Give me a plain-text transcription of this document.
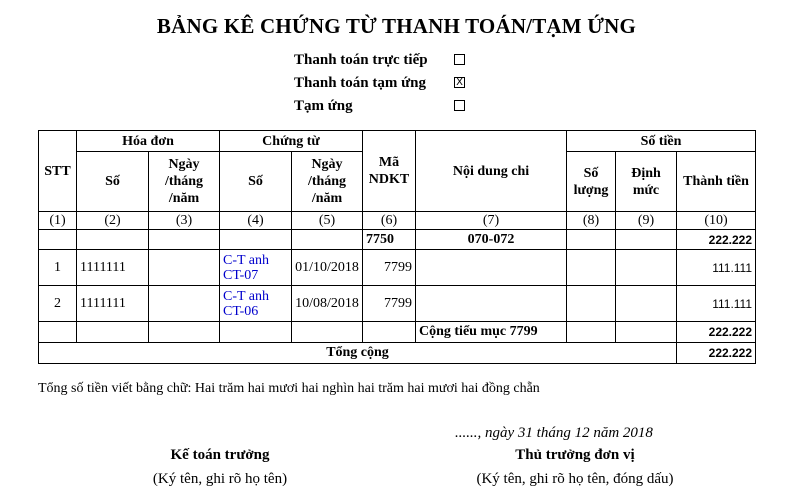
BẢNG KÊ CHỨNG TỪ THANH TOÁN/TẠM ỨNG
Thanh toán trực tiếp
Thanh toán tạm ứng	X
Tạm ứng
STT	Hóa đơn		Chứng từ		Mã NDKT	Nội dung chi	Số tiền		
	Số	Ngày /tháng /năm	Số	Ngày /tháng /năm			Số lượng	Định mức	Thành tiền
(1)	(2)	(3)	(4)	(5)	(6)	(7)	(8)	(9)	(10)
					7750	070-072			222.222
1	1111111		C-T anh CT-07	01/10/2018	7799				111.111
2	1111111		C-T anh CT-06	10/08/2018	7799				111.111
						Cộng tiểu mục 7799			222.222
Tổng cộng									222.222
Tổng số tiền viết bằng chữ: Hai trăm hai mươi hai nghìn hai trăm hai mươi hai đồng chẵn
......, ngày 31 tháng 12 năm 2018
Kế toán trưởng
(Ký tên, ghi rõ họ tên)
Thủ trưởng đơn vị
(Ký tên, ghi rõ họ tên, đóng dấu)
